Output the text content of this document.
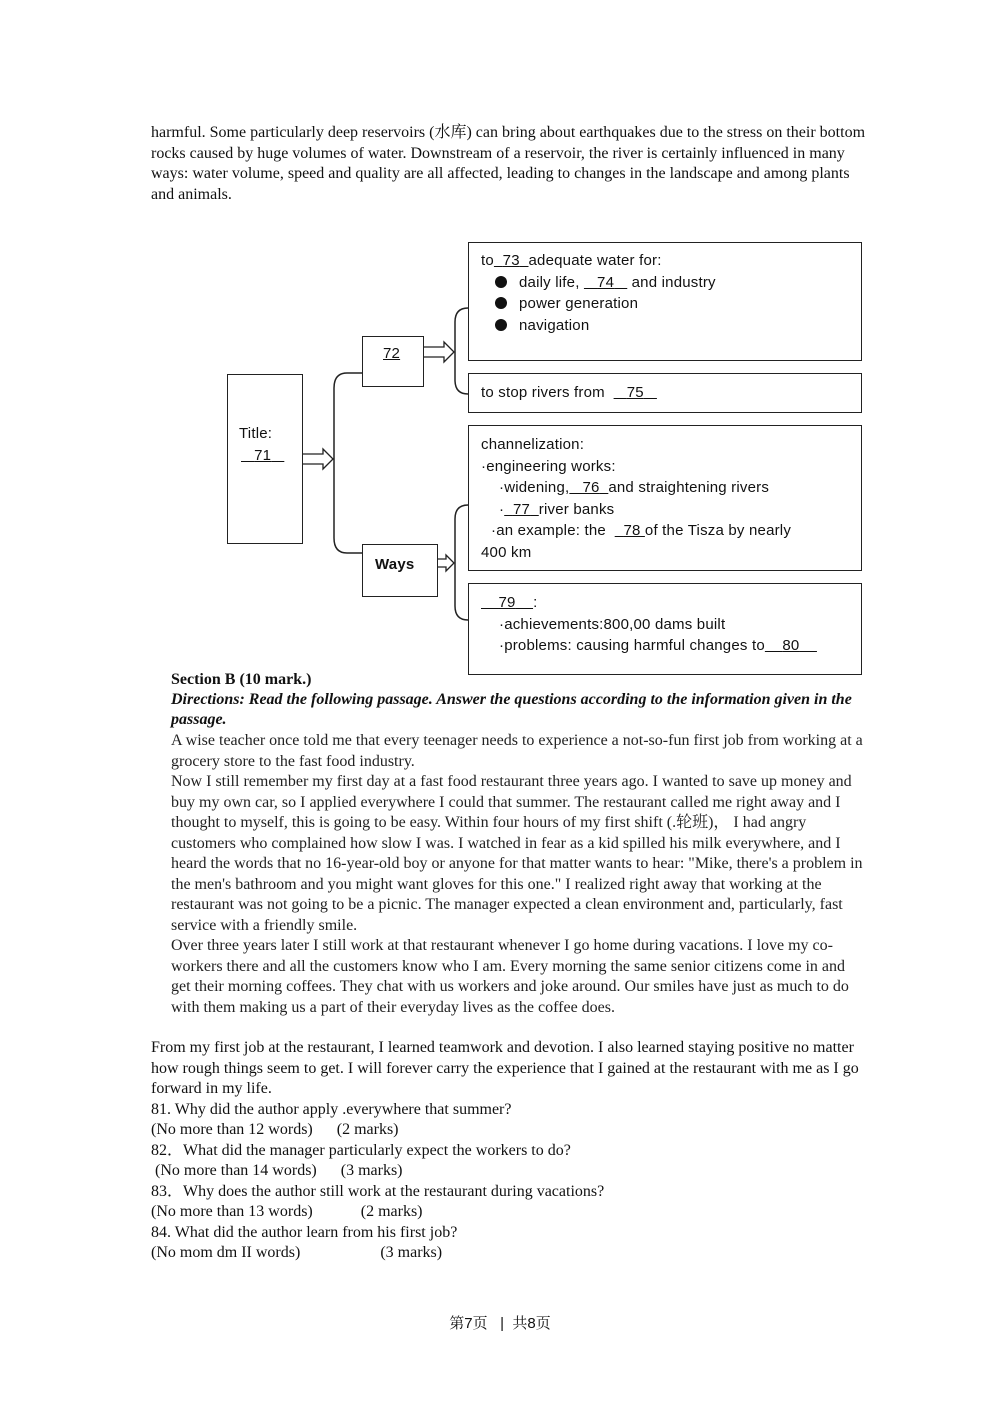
harmful. Some particularly deep reservoirs (水库) can bring about earthquakes due to the stress on their bottom rocks caused by huge volumes of water. Downstream of a reservoir, the river is certainly influenced in many ways: water volume, speed and quality are all affected, leading to changes in the landscape and among plants and animals.
Title:
71
72
Ways
to 73 adequate water for:
daily life, 74 and industry
power generation
navigation
to stop rivers from 75
channelization:
·engineering works:
·widening, 76 and straightening rivers
· 77 river banks
·an example: the 78 of the Tisza by nearly
400 km
79 :
·achievements:800,00 dams built
·problems: causing harmful changes to 80
Section B (10 mark.)
Directions: Read the following passage. Answer the questions according to the information given in the passage.
A wise teacher once told me that every teenager needs to experience a not-so-fun first job from working at a grocery store to the fast food industry.
Now I still remember my first day at a fast food restaurant three years ago. I wanted to save up money and buy my own car, so I applied everywhere I could that summer. The restaurant called me right away and I thought to myself, this is going to be easy. Within four hours of my first shift (.轮班)， I had angry customers who complained how slow I was. I watched in fear as a kid spilled his milk everywhere, and I heard the words that no 16-year-old boy or anyone for that matter wants to hear: "Mike, there's a problem in the men's bathroom and you might want gloves for this one." I realized right away that working at the restaurant was not going to be a picnic. The manager expected a clean environment and, particularly, fast service with a friendly smile.
Over three years later I still work at that restaurant whenever I go home during vacations. I love my co-workers there and all the customers know who I am. Every morning the same senior citizens come in and get their morning coffees. They chat with us workers and joke around. Our smiles have just as much to do with them making us a part of their everyday lives as the coffee does.
From my first job at the restaurant, I learned teamwork and devotion. I also learned staying positive no matter how rough things seem to get. I will forever carry the experience that I gained at the restaurant with me as I go forward in my life.
81. Why did the author apply .everywhere that summer?
(No more than 12 words) (2 marks)
82．What did the manager particularly expect the workers to do?
(No more than 14 words) (3 marks)
83．Why does the author still work at the restaurant during vacations?
(No more than 13 words)	(2 marks)
84. What did the author learn from his first job?
(No mom dm II words)	(3 marks)
第7页   |  共8页
